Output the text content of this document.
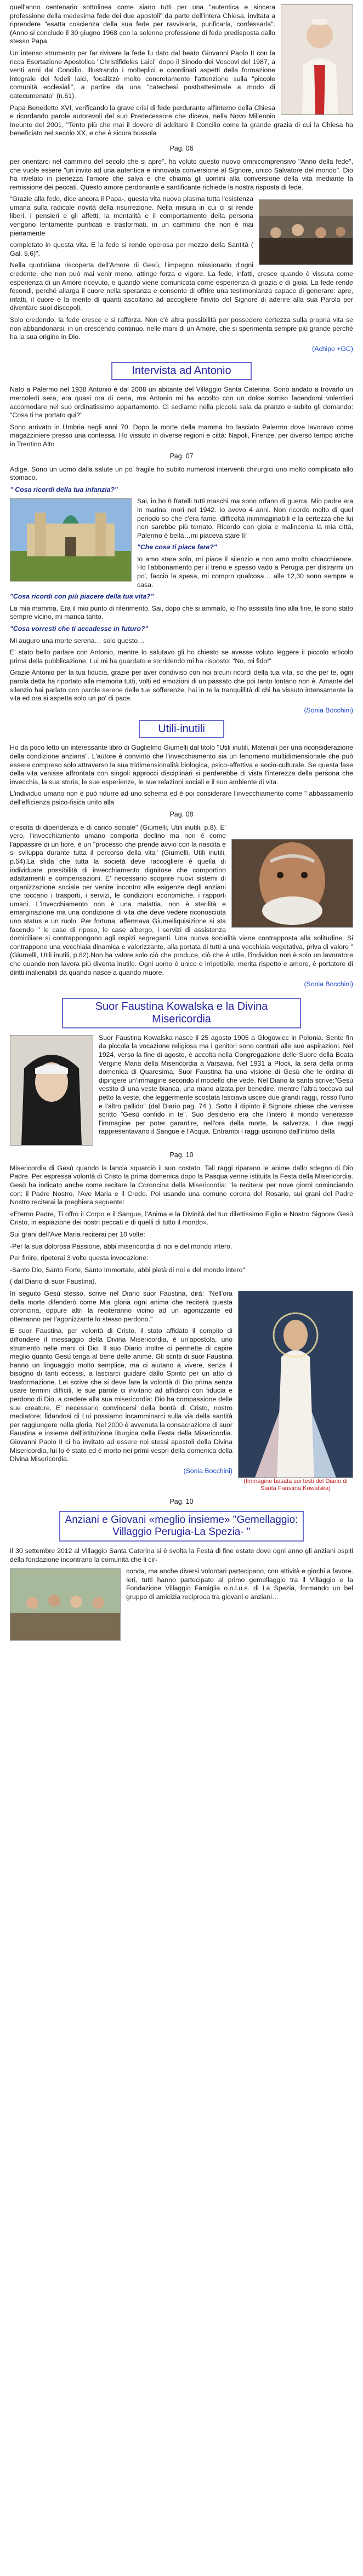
quell'anno centenario sottolinea come siano tutti per una "autentica e sincera professione della medesima fede dei due apostoli" da parte dell'intera Chiesa, invitata a riprendere "esatta coscienza della sua fede per ravvisarla, purificarla, confessarla". (Anno si conclude il 30 giugno 1968 con la solenne professione di fede predisposta dallo stesso Papa.

Un intenso strumento per far rivivere la fede fu dato dal beato Giovanni Paolo II con la ricca Esortazione Apostolica "Christifideles Laici" dopo il Sinodo dei Vescovi del 1987, a venti anni dal Concilio. Illustrando i molteplici e coordinati aspetti della formazione integrale dei fedeli laici, focalizzò molto concretamente l'attenzione sulla "piccole comunità ecclesiali", a partire da una "catechesi postbattesimale a modo di catecumenato" (n.61).

Papa Benedetto XVI, verificando la grave crisi di fede perdurante all'interno della Chiesa e ricordando parole autorevoli del suo Predecessore che diceva, nella Novo Millennio Ineunte del 2001, "Tento più che mai il dovere di additare il Concilio come la grande grazia di cui la Chiesa ha beneficiato nel secolo XX, e che è sicura bussola

Pag. 06

per orientarci nel cammino del secolo che si apre", ha voluto questo nuovo omnicomprensivo "Anno della fede", che vuole essere "un invito ad una autentica e rinnovata conversione al Signore, unico Salvatore del mondo". Dio ha rivelato in pienezza l'amore che salva e che chiama gli uomini alla conversione della vita mediante la remissione dei peccati. Questo amore perdonante e santificante richiede la nostra risposta di fede.

"Grazie alla fede, dice ancora il Papa-, questa vita nuova plasma tutta l'esistenza umana sulla radicale novità della risurrezione. Nella misura in cui ci si rende liberi, i pensieri e gli affetti, la mentalità e il comportamento della persona vengono lentamente purificati e trasformati, in un cammino che non è mai pienamente

completato in questa vita. E la fede si rende operosa per mezzo della Santità ( Gal. 5,6)".

Nella quotidiana riscoperta dell'Amore di Gesù, l'impegno missionario d'ogni credente, che non può mai venir meno, attinge forza e vigore. La fede, infatti, cresce quando è vissuta come esperienza di un Amore ricevuto, e quando viene comunicata come esperienza di grazia e di gioia. La fede rende fecondi, perché allarga il cuore nella speranza e consente di offrire una testimonianza capace di generare: apre, infatti, il cuore e la mente di quanti ascoltano ad accogliere l'invito del Signore di aderire alla sua Parola per diventare suoi discepoli.

Solo credendo, la fede cresce e si rafforza. Non c'è altra possibilità per possedere certezza sulla propria vita se non abbandonarsi, in un crescendo continuo, nelle mani di un Amore, che si sperimenta sempre più grande perché ha la sua origine in Dio.

(Achipe +GC)

Intervista ad Antonio

Nato a Palermo nel 1938 Antonio è dal 2008 un abitante del Villaggio Santa Caterina. Sono andato a trovarlo un mercoledì sera, era quasi ora di cena, ma Antonio mi ha accolto con un dolce sorriso facendomi volentieri accomodare nel suo ordinatissimo appartamento. Ci sediamo nella piccola sala da pranzo e subito gli domando: "Cosa ti ha portato qui?"

Sono arrivato in Umbria negli anni 70. Dopo la morte della mamma ho lasciato Palermo dove lavoravo come magazziniere presso una contessa. Ho vissuto in diverse regioni e città: Napoli, Firenze, per diverso tempo anche in Trentino Alto

Pag. 07

Adige. Sono un uomo dalla salute un po' fragile ho subito numerosi interventi chirurgici uno molto complicato allo stomaco.

" Cosa ricordi della tua infanzia?"

Sai, io ho 6 fratelli tutti maschi ma sono orfano di guerra. Mio padre era in marina, morì nel 1942. Io avevo 4 anni. Non ricordo molto di quel periodo so che c'era fame, difficoltà inimmaginabili e la certezza che lui non sarebbe più tornato. Ricordo con gioia e malinconia la mia città, Palermo è bella…mi piaceva stare lì!

"Che cosa ti piace fare?"

Io amo stare solo, mi piace il silenzio e non amo molto chiacchierare. Ho l'abbonamento per il treno e spesso vado a Perugia per distrarmi un po', faccio la spesa, mi compro qualcosa… alle 12,30 sono sempre a casa.

"Cosa ricordi con più piacere della tua vita?"

La mia mamma. Era il mio punto di riferimento. Sai, dopo che si ammalò, io l'ho assistita fino alla fine, le sono stato sempre vicino, mi manca tanto.

"Cosa vorresti che ti accadesse in futuro?"

Mi auguro una morte serena… solo questo…

E' stato bello parlare con Antonio, mentre lo salutavo gli ho chiesto se avesse voluto leggere il piccolo articolo prima della pubblicazione. Lui mi ha guardato e sorridendo mi ha risposto: "No, mi fido!"

Grazie Antonio per la tua fiducia, grazie per aver condiviso con noi alcuni ricordi della tua vita, so che per te, ogni parola detta ha riportato alla memoria tutti, volti ed emozioni di un passato che poi tanto lontano non è. Amante del silenzio hai parlato con parole serene delle tue sofferenze, hai in te la tranquillità di chi ha vissuto intensamente la vita ed ora si aspetta solo un po' di pace.

(Sonia Bocchini)

Utili-inutili

Ho da poco letto un interessante libro di Guglielmo Giumelli dal titolo "Utili inutili. Materiali per una riconsiderazione della condizione anziana". L'autore è convinto che l'invecchiamento sia un fenomeno multidimensionale che può essere compreso solo attraverso la sua tridimensionalità biologica, psico-affettiva e socio-culturale. Se questa fase della vita venisse affrontata con singoli approcci disciplinari si perderebbe di vista l'interezza della persona che invecchia, la sua storia, le sue esperienze, le sue relazioni sociali e il suo ambiente di vita.

L'individuo umano non è può ridurre ad uno schema ed è poi considerare l'invecchiamento come " abbassamento dell'efficienza psico-fisica unito alla

Pag. 08

crescita di dipendenza e di carico sociale" (Giumelli, Utili inutili, p.8). E' vero, l'invecchiamento umano comporta declino ma non è come l'appassire di un fiore, è un "processo che prende avvio con la nascita e si sviluppa durante tutta il percorso della vita" (Giumelli, Utili inutili, p.54).La sfida che tutta la società deve raccogliere è quella di individuare possibilità di invecchiamento dignitose che comportino adattamenti e compensazioni. E' necessario scoprire nuovi sistemi di organizzazione sociale per venire incontro alle esigenze degli anziani che toccano i trasporti, i servizi, le condizioni economiche, i rapporti umani. L'invecchiamento non è una malattia, non è sterilità e emarginazione ma una condizione di vita che deve vedere riconosciuta uno status e un ruolo. Per fortuna, affermava Giumelliquisizione si sta facendo " le case di riposo, le case albergo, i servizi di assistenza domiciliare si contrappongono agli ospizi segreganti. Una nuova socialità viene contrapposta alla solitudine. Si contrappone una vecchiaia dinamica e valorizzante, alla portata di tutti a una vecchiaia vegetativa, priva di valore " (Giumelli, Utili inutili, p.82).Non ha valore solo ciò che produce, ciò che è utile, l'individuo non è solo un lavoratore che quando non lavora più diventa inutile. Ogni uomo è unico e irripetibile, merita rispetto e amore, è portatore di diritti inalienabili da quando nasce a quando muore.

(Sonia Bocchini)

Suor Faustina Kowalska e la Divina Misericordia

Suor Faustina Kowalska nasce il 25 agosto 1905 a Głogowiec in Polonia. Sente fin da piccola la vocazione religiosa ma i genitori sono contrari alle sue aspirazioni. Nel 1924, verso la fine di agosto, è accolta nella Congregazione delle Suore della Beata Vergine Maria della Misericordia a Varsavia. Nel 1931 a Płock, la sera della prima domenica di Quaresima, Suor Faustina ha una visione di Gesù che le ordina di dipingere un'immagine secondo il modello che vede. Nel Diario la santa scrive:"Gesù vestito di una veste bianca, una mano alzata per benedire, mentre l'altra toccava sul petto la veste, che leggermente scostata lasciava uscire due grandi raggi, rosso l'uno e l'altro pallido" (dal Diario pag. 74 ). Sotto il dipinto il Signore chiese che venisse scritto "Gesù confido in te". Suo desiderio era che l'intero il mondo venerasse l'immagine per poter garantire, nell'ora della morte, la salvezza. I due raggi rappresentavano il Sangue e l'Acqua. Entrambi i raggi uscirono dall'intimo della

Pag. 10

Misericordia di Gesù quando la lancia squarciò il suo costato. Tali raggi riparano le anime dallo sdegno di Dio Padre. Per espressa volontà di Cristo la prima domenica dopo la Pasqua venne istituita la Festa della Misericordia. Gesù ha indicato anche come recitare la Coroncina della Misericordia: "la reciterai per nove giorni cominciando con: il Padre Nostro, l'Ave Maria e il Credo. Poi usando una comune corona del Rosario, sui grani del Padre Nostro reciterai la preghiera seguente:

«Eterno Padre, Ti offro il Corpo e il Sangue, l'Anima e la Divinità del tuo dilettissimo Figlio e Nostro Signore Gesù Cristo, in espiazione dei nostri peccati e di quelli di tutto il mondo».

Sui grani dell'Ave Maria reciterai per 10 volte:

-Per la sua dolorosa Passione, abbi misericordia di noi e del mondo intero.

Per finire, ripeterai 3 volte questa invocazione:

-Santo Dio, Santo Forte, Santo Immortale, abbi pietà di noi e del mondo intero"

( dal Diario di suor Faustina).

(Immagine basata sui testi del Diario di Santa Faustina Kowalska)

In seguito Gesù stesso, scrive nel Diario suor Faustina, dirà: "Nell'ora della morte difenderò come Mia gloria ogni anima che reciterà questa coroncina, oppure altri la reciteranno vicino ad un agonizzante ed otterranno per l'agonizzante lo stesso perdono."

E suor Faustina, per volontà di Cristo, il stato affidato il compito di diffondere il messaggio della Divina Misericordia, è un'apostola, uno strumento nelle mani di Dio. Il suo Diario inoltre ci permette di capire meglio quanto Gesù tenga al bene delle anime. Gli scritti di suor Faustina hanno un linguaggio molto semplice, ma ci aiutano a vivere, senza il bisogno di tanti eccessi, a lasciarci guidare dallo Spirito per un atto di trasformazione. Lei scrive che si deve fare la volontà di Dio prima senza usare termini difficili, le sue parole ci invitano ad affidarci con fiducia e perdono di Dio, a credere alla sua misericordia: Dio ha compassione delle sue creature. E' necessario convincersi della bontà di Cristo, nostro mediatore; fidandosi di Lui possiamo incamminarci sulla via della santità per raggiungere nella gloria. Nel 2000 è avvenuta la consacrazione di suor Faustina e insieme dell'istituzione liturgica della Festa della Misericordia. Giovanni Paolo II ci ha invitato ad essere noi stessi apostoli della Divina Misericordia, lui lo è stato ed è morto nei primi vespri della domenica della Divina Misericordia.

(Sonia Bocchini)

Pag. 10
Anziani e Giovani «meglio insieme» "Gemellaggio: Villaggio Perugia-La Spezia- "

Il 30 settembre 2012 al Villaggio Santa Caterina si è svolta la Festa di fine estate dove ogni anno gli anziani ospiti della fondazione incontrano la comunità che li cir-

conda, ma anche diversi volontari partecipano, con attività e giochi a favore. Ieri, tutti hanno partecipato al primo gemellaggio tra il Villaggio e la Fondazione Villaggio Famiglia o.n.l.u.s. di La Spezia, formando un bel gruppo di amicizia reciproca tra giovani e anziani…
